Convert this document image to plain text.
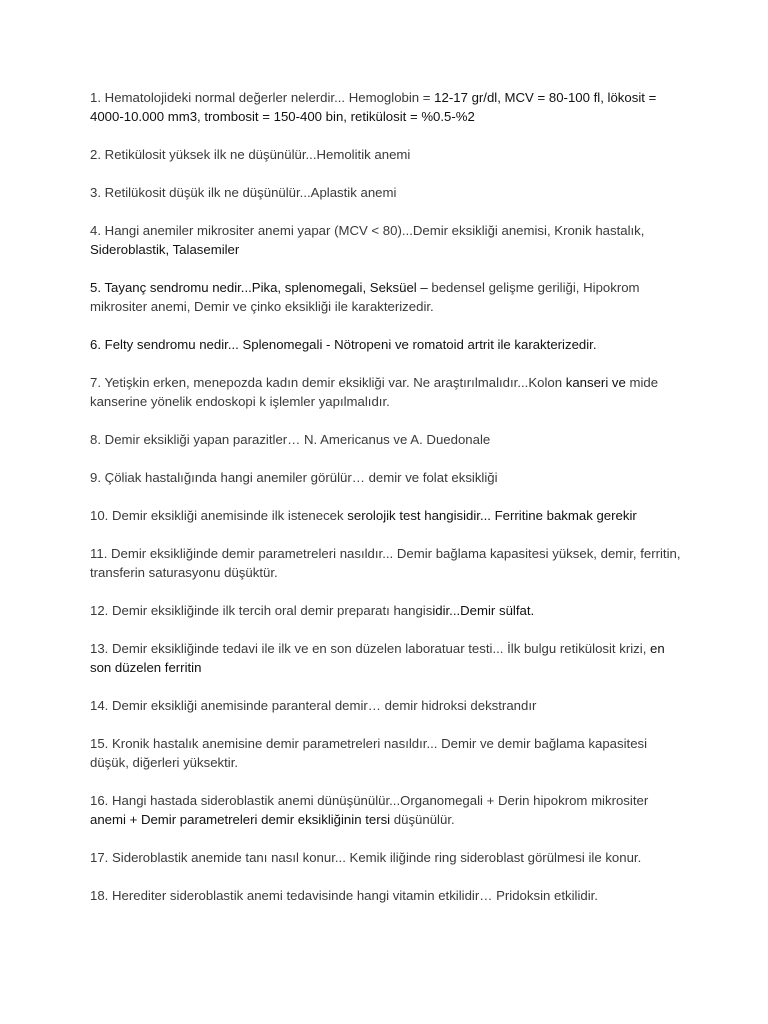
1. Hematolojideki normal değerler nelerdir... Hemoglobin = 12-17 gr/dl, MCV = 80-100 fl, lökosit = 4000-10.000 mm3, trombosit = 150-400 bin, retikülosit = %0.5-%2

2. Retikülosit yüksek ilk ne düşünülür...Hemolitik anemi

3. Retilükosit düşük ilk ne düşünülür...Aplastik anemi

4. Hangi anemiler mikrositer anemi yapar (MCV < 80)...Demir eksikliği anemisi, Kronik hastalık, Sideroblastik, Talasemiler

5. Tayanç sendromu nedir...Pika, splenomegali, Seksüel – bedensel gelişme geriliği, Hipokrom mikrositer anemi, Demir ve çinko eksikliği ile karakterizedir.

6. Felty sendromu nedir... Splenomegali - Nötropeni ve romatoid artrit ile karakterizedir.

7. Yetişkin erken, menepozda kadın demir eksikliği var. Ne araştırılmalıdır...Kolon kanseri ve mide kanserine yönelik endoskopi k işlemler yapılmalıdır.

8. Demir eksikliği yapan parazitler… N. Americanus ve A. Duedonale

9. Çöliak hastalığında hangi anemiler görülür… demir ve folat eksikliği

10. Demir eksikliği anemisinde ilk istenecek serolojik test hangisidir... Ferritine bakmak gerekir

11. Demir eksikliğinde demir parametreleri nasıldır... Demir bağlama kapasitesi yüksek, demir, ferritin, transferin saturasyonu düşüktür.

12. Demir eksikliğinde ilk tercih oral demir preparatı hangisidir...Demir sülfat.

13. Demir eksikliğinde tedavi ile ilk ve en son düzelen laboratuar testi... İlk bulgu retikülosit krizi, en son düzelen ferritin

14. Demir eksikliği anemisinde paranteral demir… demir hidroksi dekstrandır

15. Kronik hastalık anemisine demir parametreleri nasıldır... Demir ve demir bağlama kapasitesi düşük, diğerleri yüksektir.

16. Hangi hastada sideroblastik anemi dünüşünülür...Organomegali + Derin hipokrom mikrositer anemi + Demir parametreleri demir eksikliğinin tersi düşünülür.

17. Sideroblastik anemide tanı nasıl konur... Kemik iliğinde ring sideroblast görülmesi ile konur.

18. Herediter sideroblastik anemi tedavisinde hangi vitamin etkilidir… Pridoksin etkilidir.
